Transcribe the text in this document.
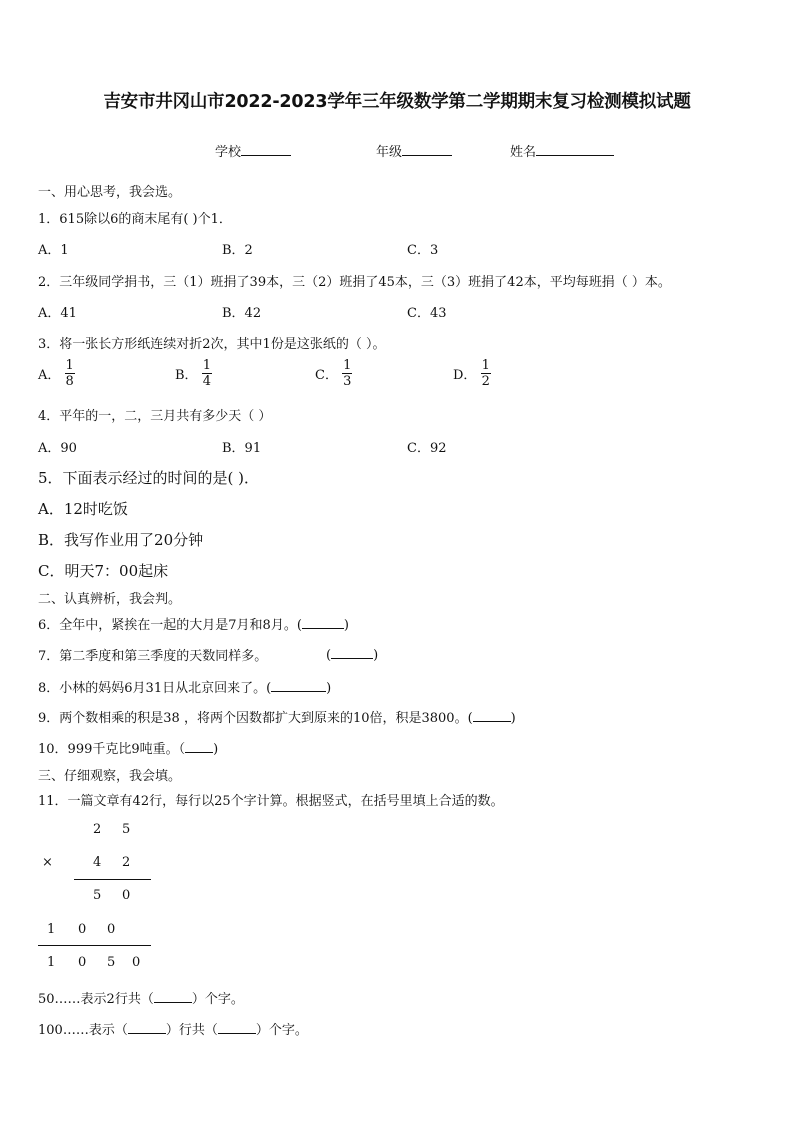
吉安市井冈山市2022-2023学年三年级数学第二学期期末复习检测模拟试题
学校	年级	姓名
一、用心思考，我会选。
1．615除以6的商末尾有( )个1．
A．1	B．2	C．3
2．三年级同学捐书，三（1）班捐了39本，三（2）班捐了45本，三（3）班捐了42本，平均每班捐（ ）本。
A．41	B．42	C．43
3．将一张长方形纸连续对折2次，其中1份是这张纸的（ ）。
A． $\frac{1}{8}$	B． $\frac{1}{4}$	C． $\frac{1}{3}$	D． $\frac{1}{2}$
4．平年的一，二，三月共有多少天（ ）
A．90	B．91	C．92
5．下面表示经过的时间的是( )．
A．12时吃饭
B．我写作业用了20分钟
C．明天7：00起床
二、认真辨析，我会判。
6．全年中，紧挨在一起的大月是7月和8月。(	)
7．第二季度和第三季度的天数同样多。	(	)
8．小林的妈妈6月31日从北京回来了。(	)
9．两个数相乘的积是38 ，将两个因数都扩大到原来的10倍，积是3800。(	)
10．999千克比9吨重。（ )
三、仔细观察，我会填。
11．一篇文章有42行，每行以25个字计算。根据竖式，在括号里填上合适的数。
2 5
×	4 2
5 0
1 0 0
1 0 5 0
50……表示2行共（	）个字。
100……表示（	）行共（	）个字。
